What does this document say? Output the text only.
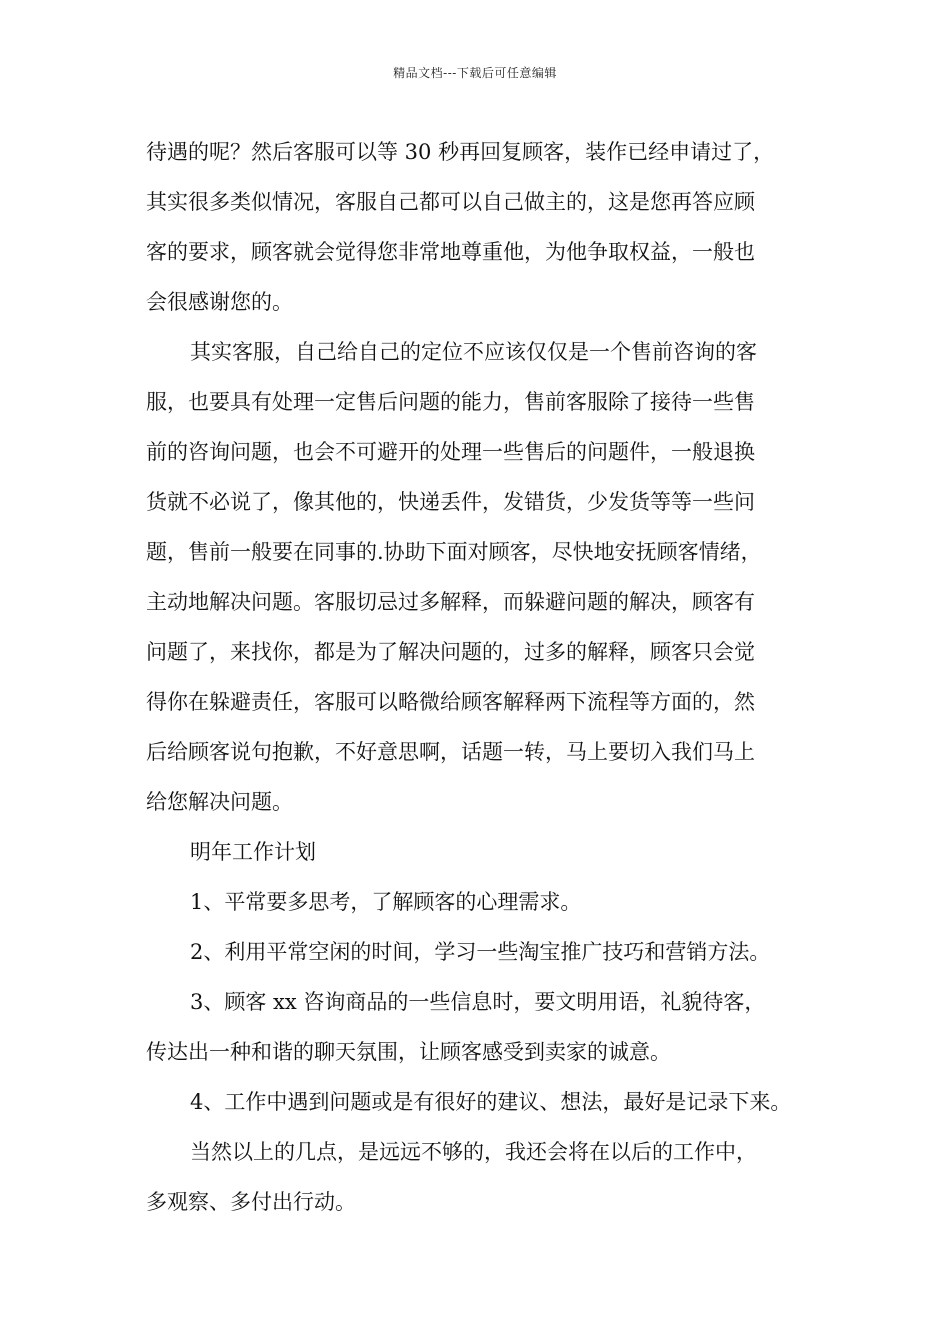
精品文档---下载后可任意编辑
待遇的呢？然后客服可以等 30 秒再回复顾客，装作已经申请过了，
其实很多类似情况，客服自己都可以自己做主的，这是您再答应顾
客的要求，顾客就会觉得您非常地尊重他，为他争取权益，一般也
会很感谢您的。
其实客服，自己给自己的定位不应该仅仅是一个售前咨询的客
服，也要具有处理一定售后问题的能力，售前客服除了接待一些售
前的咨询问题，也会不可避开的处理一些售后的问题件，一般退换
货就不必说了，像其他的，快递丢件，发错货，少发货等等一些问
题，售前一般要在同事的.协助下面对顾客，尽快地安抚顾客情绪，
主动地解决问题。客服切忌过多解释，而躲避问题的解决，顾客有
问题了，来找你，都是为了解决问题的，过多的解释，顾客只会觉
得你在躲避责任，客服可以略微给顾客解释两下流程等方面的，然
后给顾客说句抱歉，不好意思啊，话题一转，马上要切入我们马上
给您解决问题。
明年工作计划
1、平常要多思考，了解顾客的心理需求。
2、利用平常空闲的时间，学习一些淘宝推广技巧和营销方法。
3、顾客 xx 咨询商品的一些信息时，要文明用语，礼貌待客，
传达出一种和谐的聊天氛围，让顾客感受到卖家的诚意。
4、工作中遇到问题或是有很好的建议、想法，最好是记录下来。
当然以上的几点，是远远不够的，我还会将在以后的工作中，
多观察、多付出行动。
